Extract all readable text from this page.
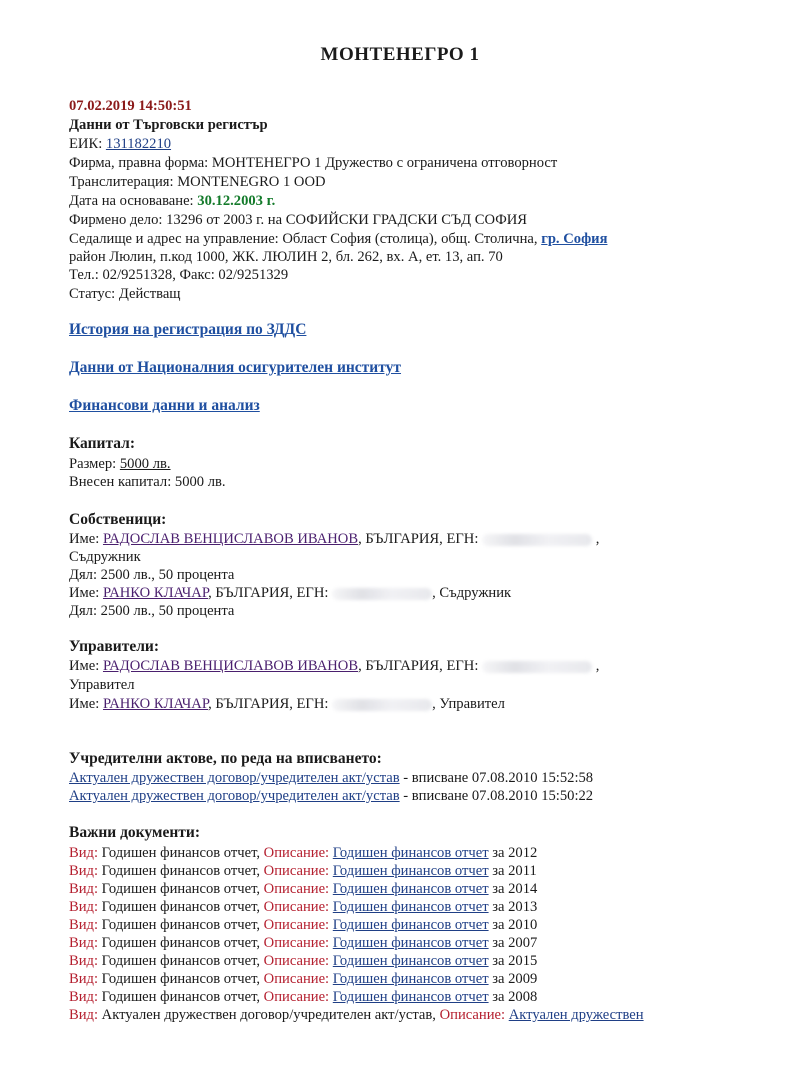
МОНТЕНЕГРО 1
07.02.2019 14:50:51
Данни от Търговски регистър
ЕИК: 131182210
Фирма, правна форма: МОНТЕНЕГРО 1 Дружество с ограничена отговорност
Транслитерация: MONTENEGRO 1 OOD
Дата на основаване: 30.12.2003 г.
Фирмено дело: 13296 от 2003 г. на СОФИЙСКИ ГРАДСКИ СЪД СОФИЯ
Седалище и адрес на управление: Област София (столица), общ. Столична, гр. София
район Люлин, п.код 1000, ЖК. ЛЮЛИН 2, бл. 262, вх. А, ет. 13, ап. 70
Тел.: 02/9251328, Факс: 02/9251329
Статус: Действащ
История на регистрация по ЗДДС
Данни от Националния осигурителен институт
Финансови данни и анализ
Капитал:
Размер: 5000 лв.
Внесен капитал: 5000 лв.
Собственици:
Име: РАДОСЛАВ ВЕНЦИСЛАВОВ ИВАНОВ, БЪЛГАРИЯ, ЕГН:	,
Съдружник
Дял: 2500 лв., 50 процента
Име: РАНКО КЛАЧАР, БЪЛГАРИЯ, ЕГН:	, Съдружник
Дял: 2500 лв., 50 процента
Управители:
Име: РАДОСЛАВ ВЕНЦИСЛАВОВ ИВАНОВ, БЪЛГАРИЯ, ЕГН:	,
Управител
Име: РАНКО КЛАЧАР, БЪЛГАРИЯ, ЕГН:	, Управител
Учредителни актове, по реда на вписването:
Актуален дружествен договор/учредителен акт/устав - вписване 07.08.2010 15:52:58
Актуален дружествен договор/учредителен акт/устав - вписване 07.08.2010 15:50:22
Важни документи:
Вид: Годишен финансов отчет, Описание: Годишен финансов отчет за 2012
Вид: Годишен финансов отчет, Описание: Годишен финансов отчет за 2011
Вид: Годишен финансов отчет, Описание: Годишен финансов отчет за 2014
Вид: Годишен финансов отчет, Описание: Годишен финансов отчет за 2013
Вид: Годишен финансов отчет, Описание: Годишен финансов отчет за 2010
Вид: Годишен финансов отчет, Описание: Годишен финансов отчет за 2007
Вид: Годишен финансов отчет, Описание: Годишен финансов отчет за 2015
Вид: Годишен финансов отчет, Описание: Годишен финансов отчет за 2009
Вид: Годишен финансов отчет, Описание: Годишен финансов отчет за 2008
Вид: Актуален дружествен договор/учредителен акт/устав, Описание: Актуален дружествен
